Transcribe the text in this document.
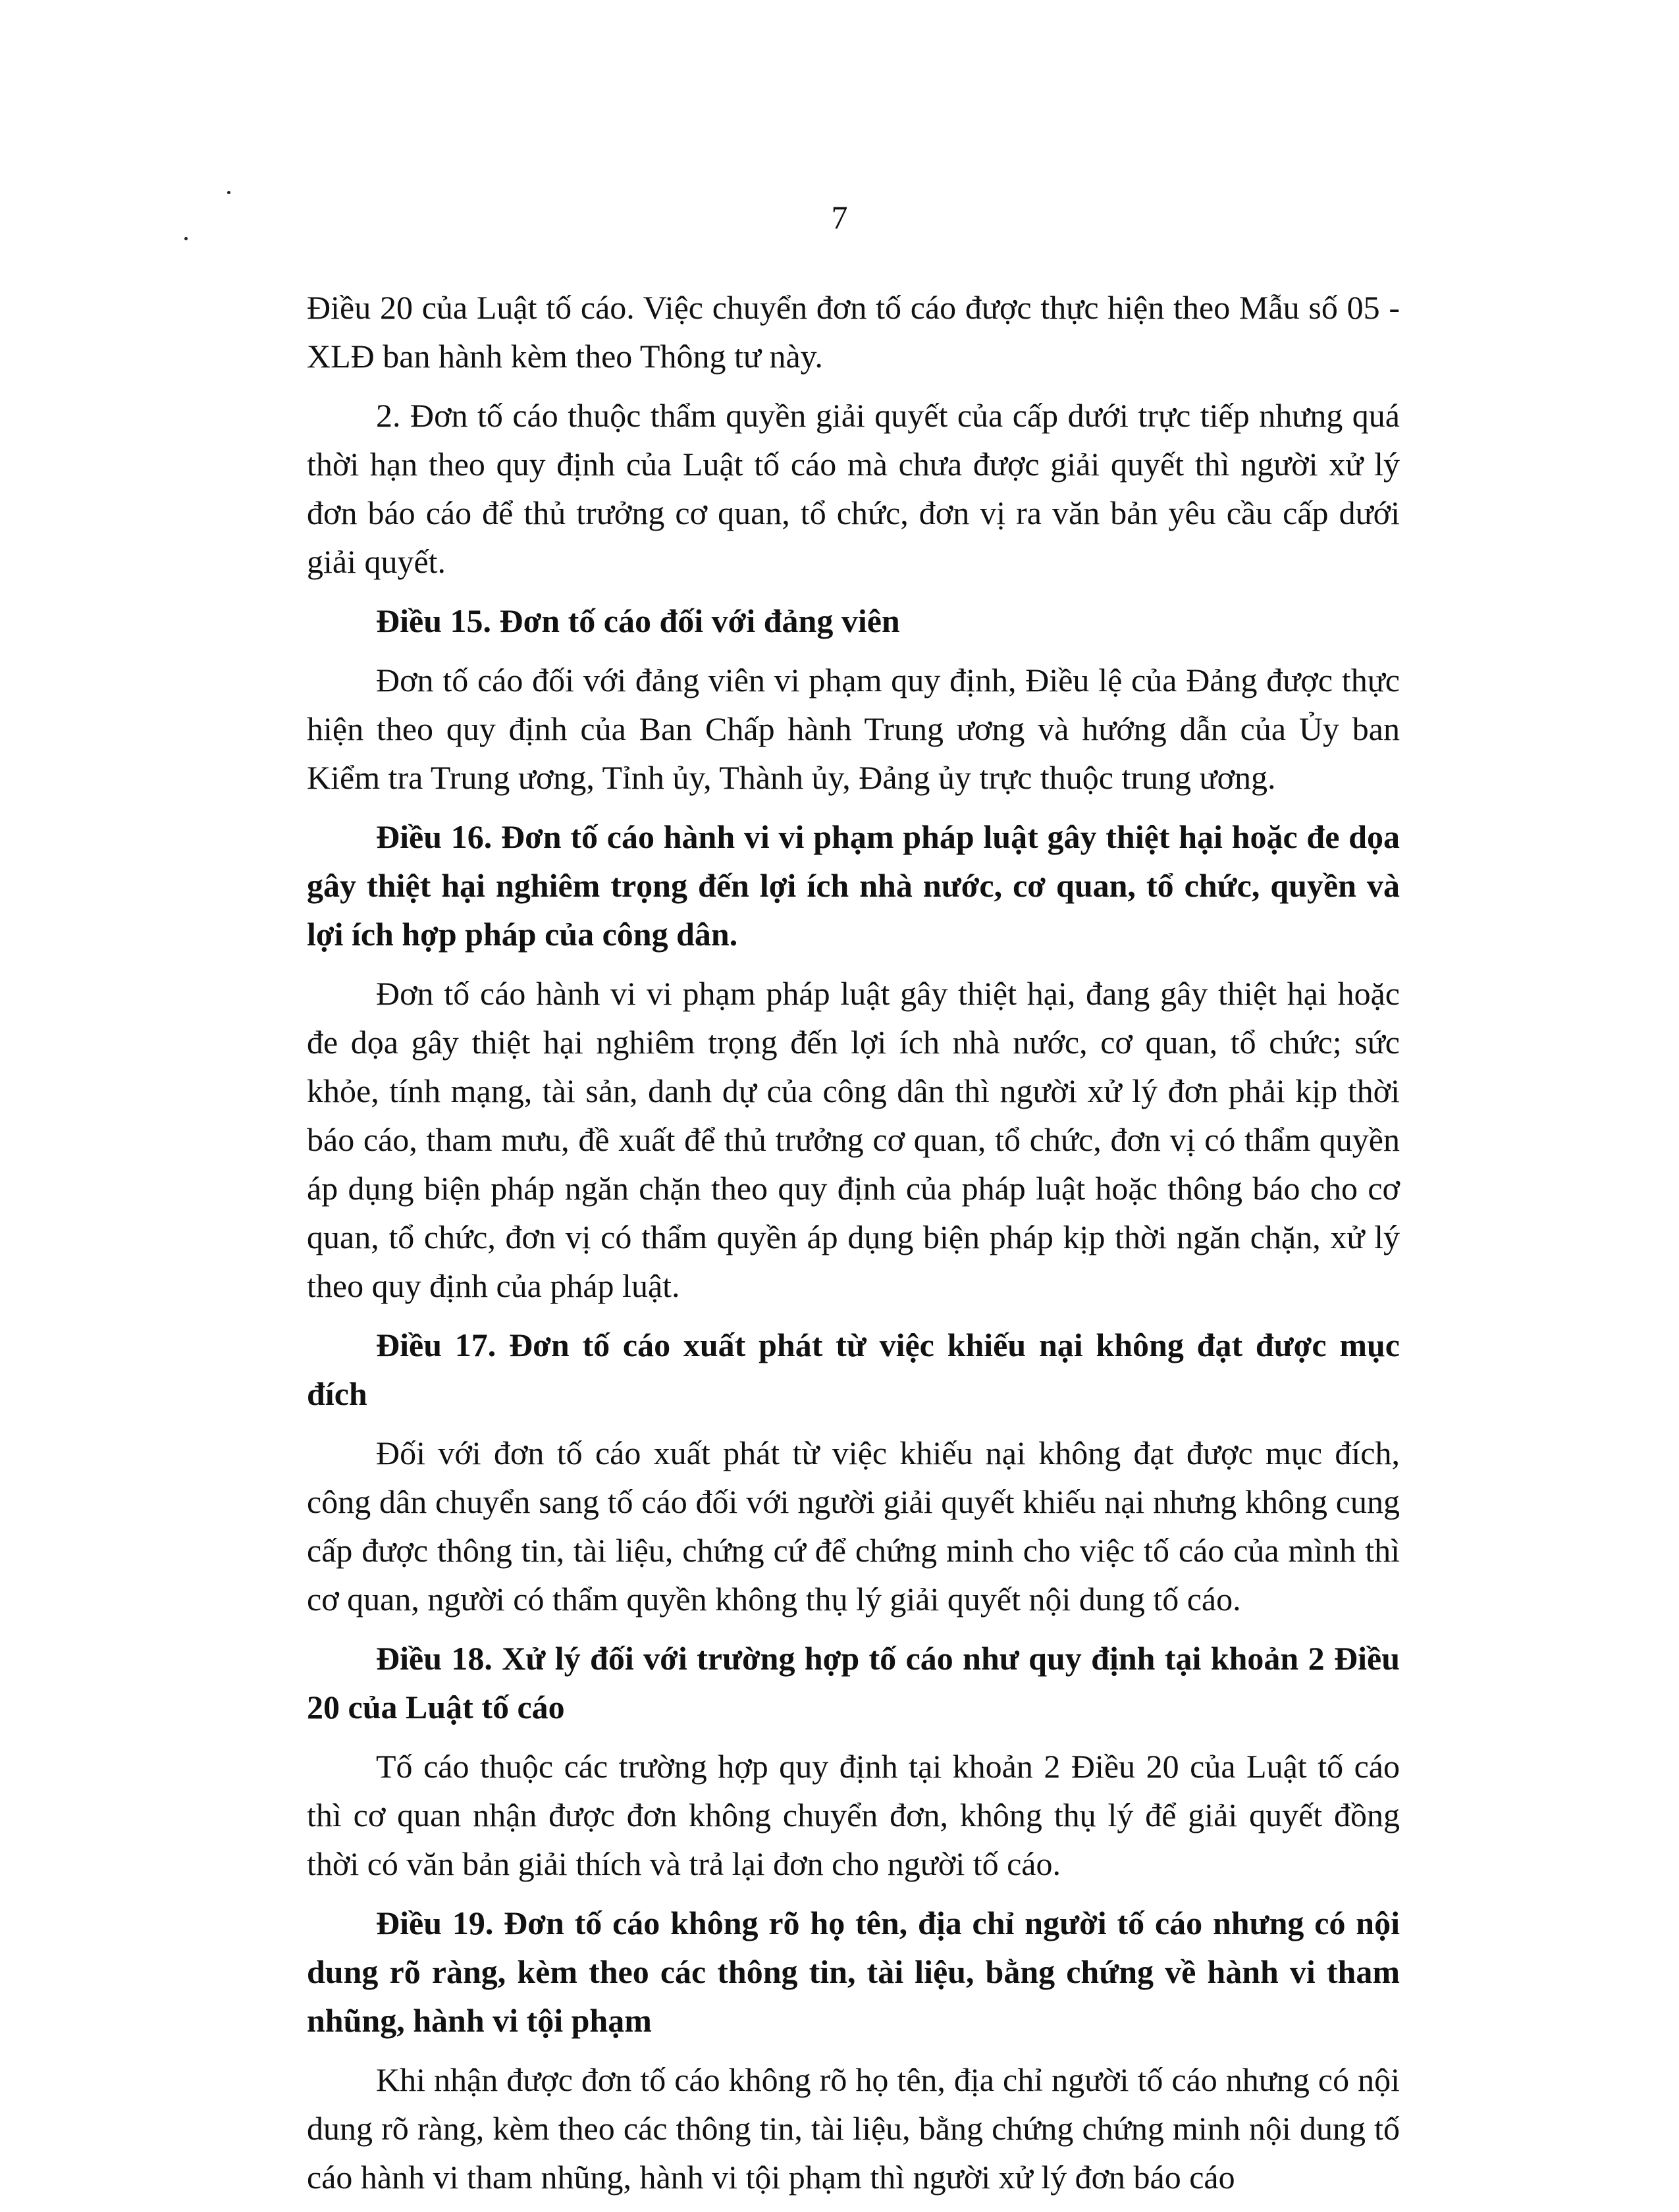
7

Điều 20 của Luật tố cáo. Việc chuyển đơn tố cáo được thực hiện theo Mẫu số 05 - XLĐ ban hành kèm theo Thông tư này.

2. Đơn tố cáo thuộc thẩm quyền giải quyết của cấp dưới trực tiếp nhưng quá thời hạn theo quy định của Luật tố cáo mà chưa được giải quyết thì người xử lý đơn báo cáo để thủ trưởng cơ quan, tổ chức, đơn vị ra văn bản yêu cầu cấp dưới giải quyết.

Điều 15. Đơn tố cáo đối với đảng viên

Đơn tố cáo đối với đảng viên vi phạm quy định, Điều lệ của Đảng được thực hiện theo quy định của Ban Chấp hành Trung ương và hướng dẫn của Ủy ban Kiểm tra Trung ương, Tỉnh ủy, Thành ủy, Đảng ủy trực thuộc trung ương.

Điều 16. Đơn tố cáo hành vi vi phạm pháp luật gây thiệt hại hoặc đe dọa gây thiệt hại nghiêm trọng đến lợi ích nhà nước, cơ quan, tổ chức, quyền và lợi ích hợp pháp của công dân.

Đơn tố cáo hành vi vi phạm pháp luật gây thiệt hại, đang gây thiệt hại hoặc đe dọa gây thiệt hại nghiêm trọng đến lợi ích nhà nước, cơ quan, tổ chức; sức khỏe, tính mạng, tài sản, danh dự của công dân thì người xử lý đơn phải kịp thời báo cáo, tham mưu, đề xuất để thủ trưởng cơ quan, tổ chức, đơn vị có thẩm quyền áp dụng biện pháp ngăn chặn theo quy định của pháp luật hoặc thông báo cho cơ quan, tổ chức, đơn vị có thẩm quyền áp dụng biện pháp kịp thời ngăn chặn, xử lý theo quy định của pháp luật.

Điều 17. Đơn tố cáo xuất phát từ việc khiếu nại không đạt được mục đích

Đối với đơn tố cáo xuất phát từ việc khiếu nại không đạt được mục đích, công dân chuyển sang tố cáo đối với người giải quyết khiếu nại nhưng không cung cấp được thông tin, tài liệu, chứng cứ để chứng minh cho việc tố cáo của mình thì cơ quan, người có thẩm quyền không thụ lý giải quyết nội dung tố cáo.

Điều 18. Xử lý đối với trường hợp tố cáo như quy định tại khoản 2 Điều 20 của Luật tố cáo

Tố cáo thuộc các trường hợp quy định tại khoản 2 Điều 20 của Luật tố cáo thì cơ quan nhận được đơn không chuyển đơn, không thụ lý để giải quyết đồng thời có văn bản giải thích và trả lại đơn cho người tố cáo.

Điều 19. Đơn tố cáo không rõ họ tên, địa chỉ người tố cáo nhưng có nội dung rõ ràng, kèm theo các thông tin, tài liệu, bằng chứng về hành vi tham nhũng, hành vi tội phạm

Khi nhận được đơn tố cáo không rõ họ tên, địa chỉ người tố cáo nhưng có nội dung rõ ràng, kèm theo các thông tin, tài liệu, bằng chứng chứng minh nội dung tố cáo hành vi tham nhũng, hành vi tội phạm thì người xử lý đơn báo cáo
